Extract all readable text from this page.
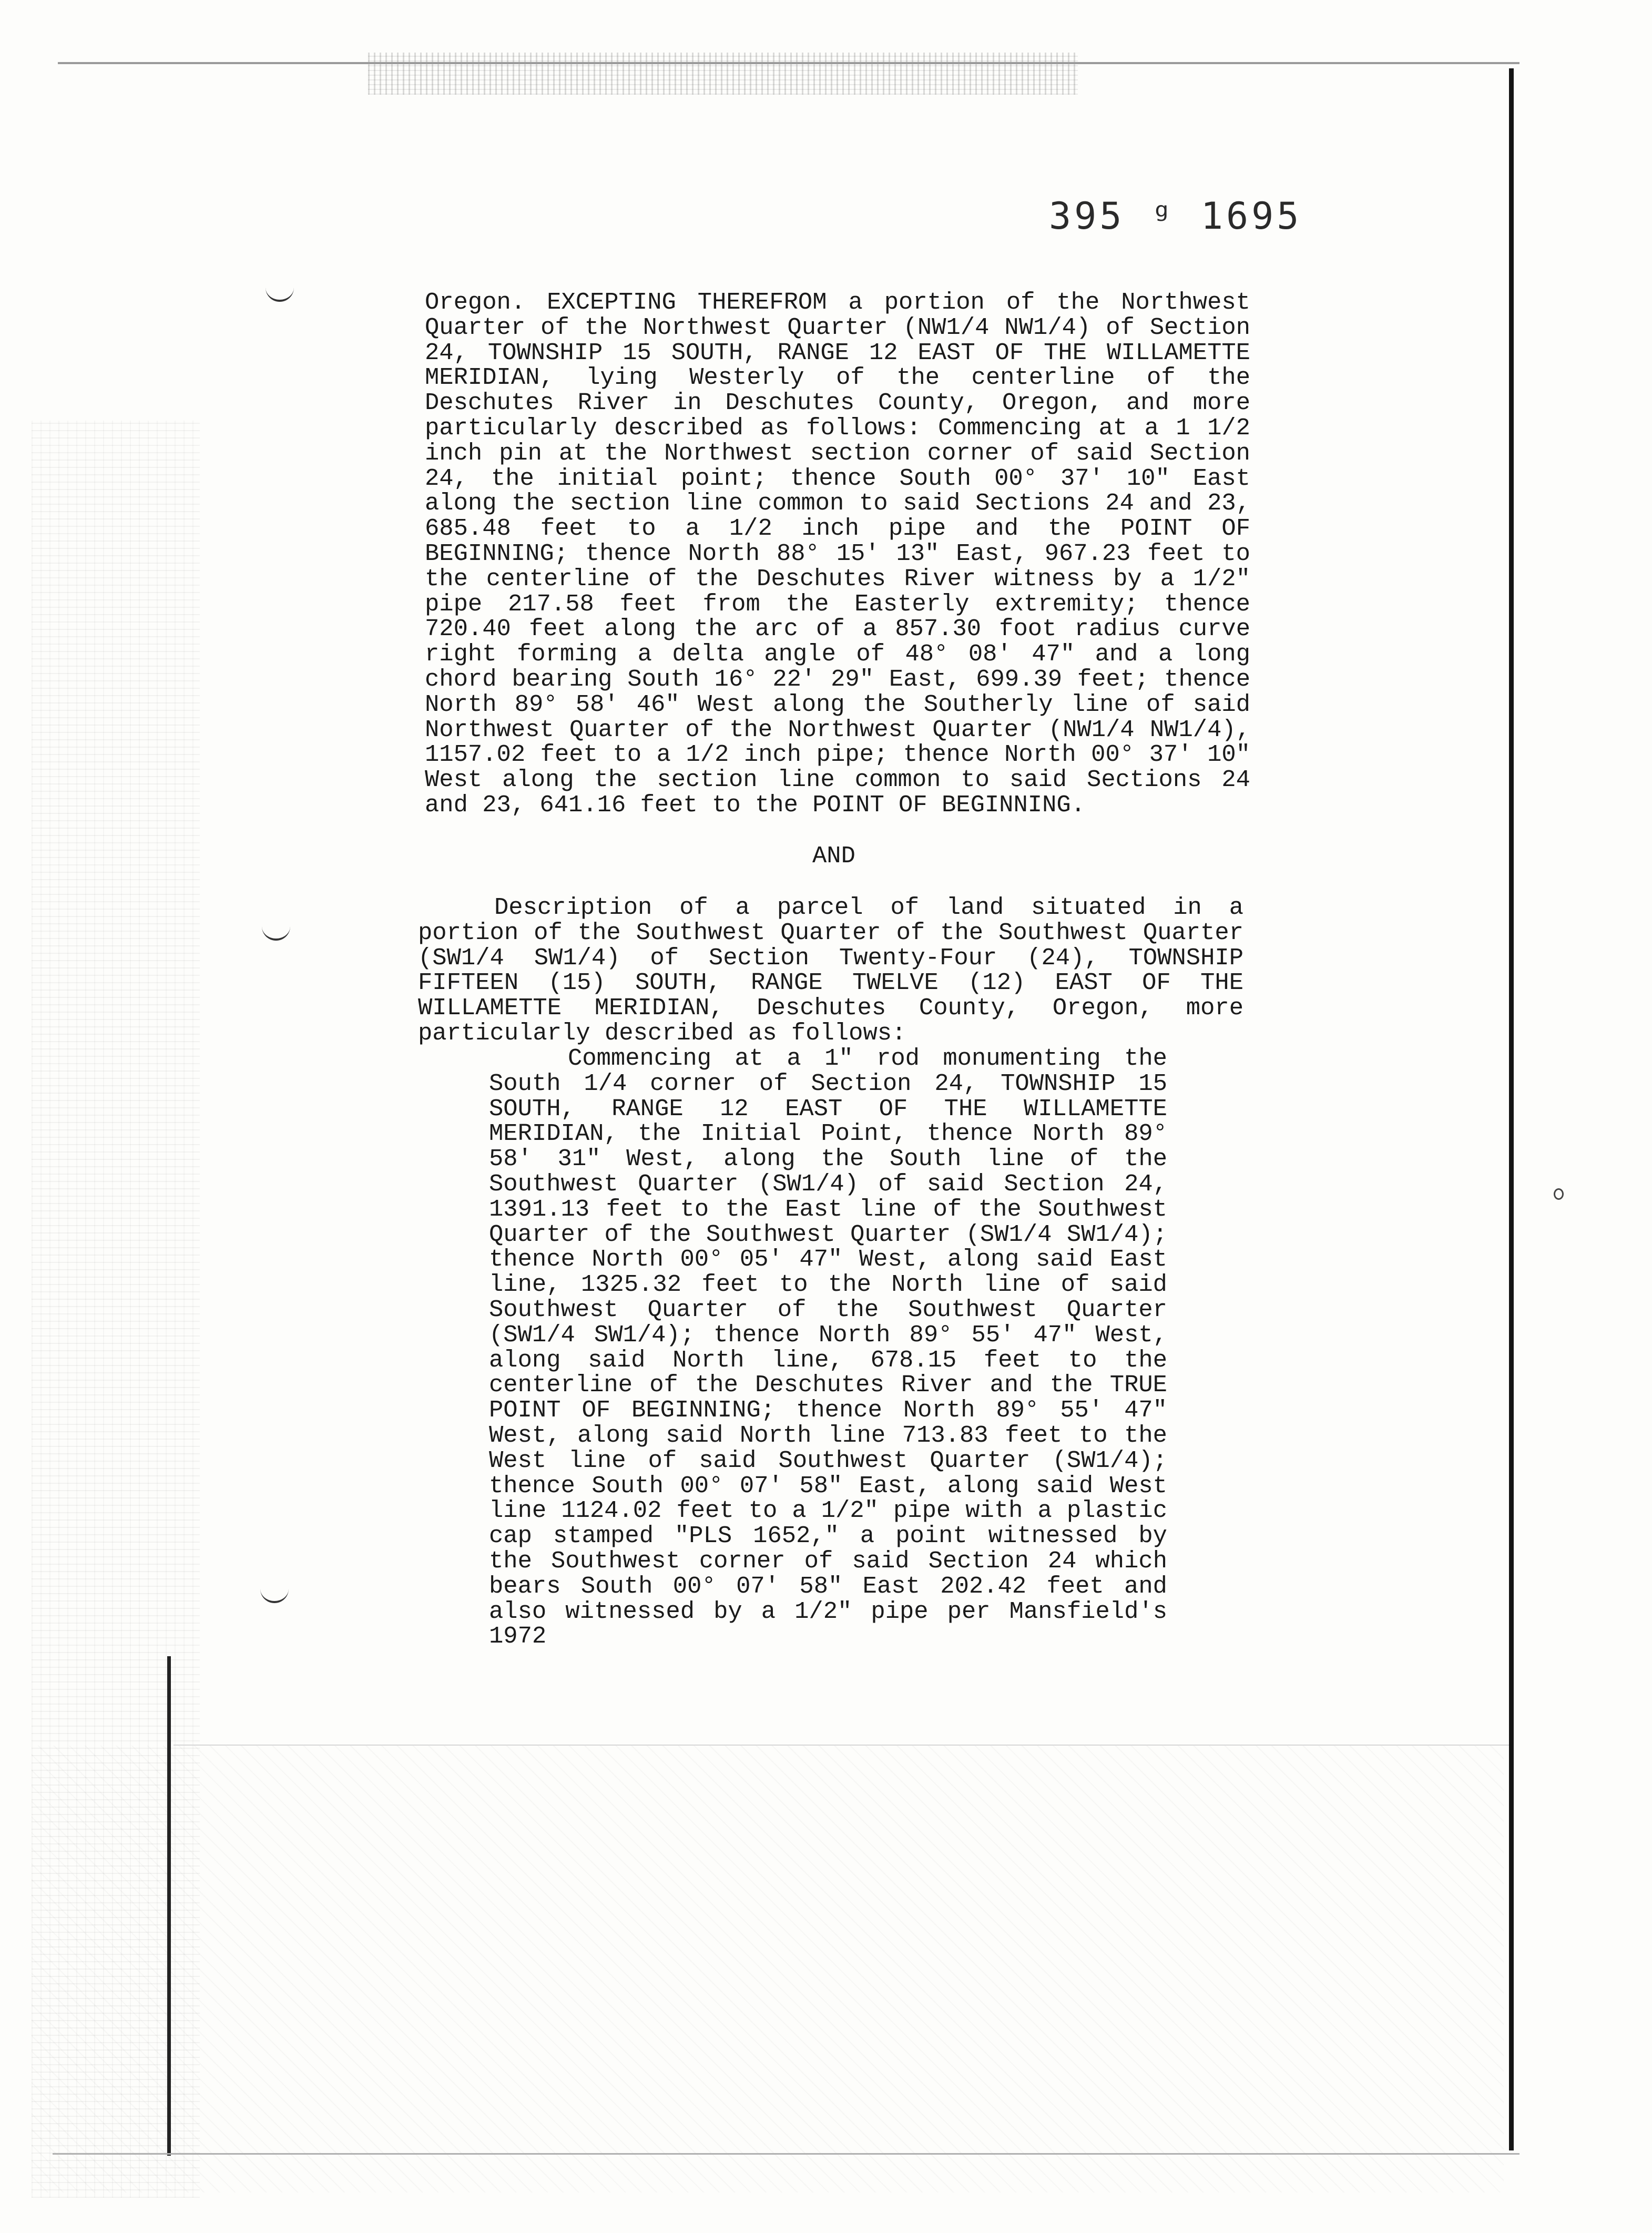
395 ᵍ 1695

Oregon. EXCEPTING THEREFROM a portion of the Northwest Quarter of the Northwest Quarter (NW1/4 NW1/4) of Section 24, TOWNSHIP 15 SOUTH, RANGE 12 EAST OF THE WILLAMETTE MERIDIAN, lying Westerly of the centerline of the Deschutes River in Deschutes County, Oregon, and more particularly described as follows: Commencing at a 1 1/2 inch pin at the Northwest section corner of said Section 24, the initial point; thence South 00° 37' 10" East along the section line common to said Sections 24 and 23, 685.48 feet to a 1/2 inch pipe and the POINT OF BEGINNING; thence North 88° 15' 13" East, 967.23 feet to the centerline of the Deschutes River witness by a 1/2" pipe 217.58 feet from the Easterly extremity; thence 720.40 feet along the arc of a 857.30 foot radius curve right forming a delta angle of 48° 08' 47" and a long chord bearing South 16° 22' 29" East, 699.39 feet; thence North 89° 58' 46" West along the Southerly line of said Northwest Quarter of the Northwest Quarter (NW1/4 NW1/4), 1157.02 feet to a 1/2 inch pipe; thence North 00° 37' 10" West along the section line common to said Sections 24 and 23, 641.16 feet to the POINT OF BEGINNING.

AND

Description of a parcel of land situated in a portion of the Southwest Quarter of the Southwest Quarter (SW1/4 SW1/4) of Section Twenty-Four (24), TOWNSHIP FIFTEEN (15) SOUTH, RANGE TWELVE (12) EAST OF THE WILLAMETTE MERIDIAN, Deschutes County, Oregon, more particularly described as follows:

Commencing at a 1" rod monumenting the South 1/4 corner of Section 24, TOWNSHIP 15 SOUTH, RANGE 12 EAST OF THE WILLAMETTE MERIDIAN, the Initial Point, thence North 89° 58' 31" West, along the South line of the Southwest Quarter (SW1/4) of said Section 24, 1391.13 feet to the East line of the Southwest Quarter of the Southwest Quarter (SW1/4 SW1/4); thence North 00° 05' 47" West, along said East line, 1325.32 feet to the North line of said Southwest Quarter of the Southwest Quarter (SW1/4 SW1/4); thence North 89° 55' 47" West, along said North line, 678.15 feet to the centerline of the Deschutes River and the TRUE POINT OF BEGINNING; thence North 89° 55' 47" West, along said North line 713.83 feet to the West line of said Southwest Quarter (SW1/4); thence South 00° 07' 58" East, along said West line 1124.02 feet to a 1/2" pipe with a plastic cap stamped "PLS 1652," a point witnessed by the Southwest corner of said Section 24 which bears South 00° 07' 58" East 202.42 feet and also witnessed by a 1/2" pipe per Mansfield's 1972
